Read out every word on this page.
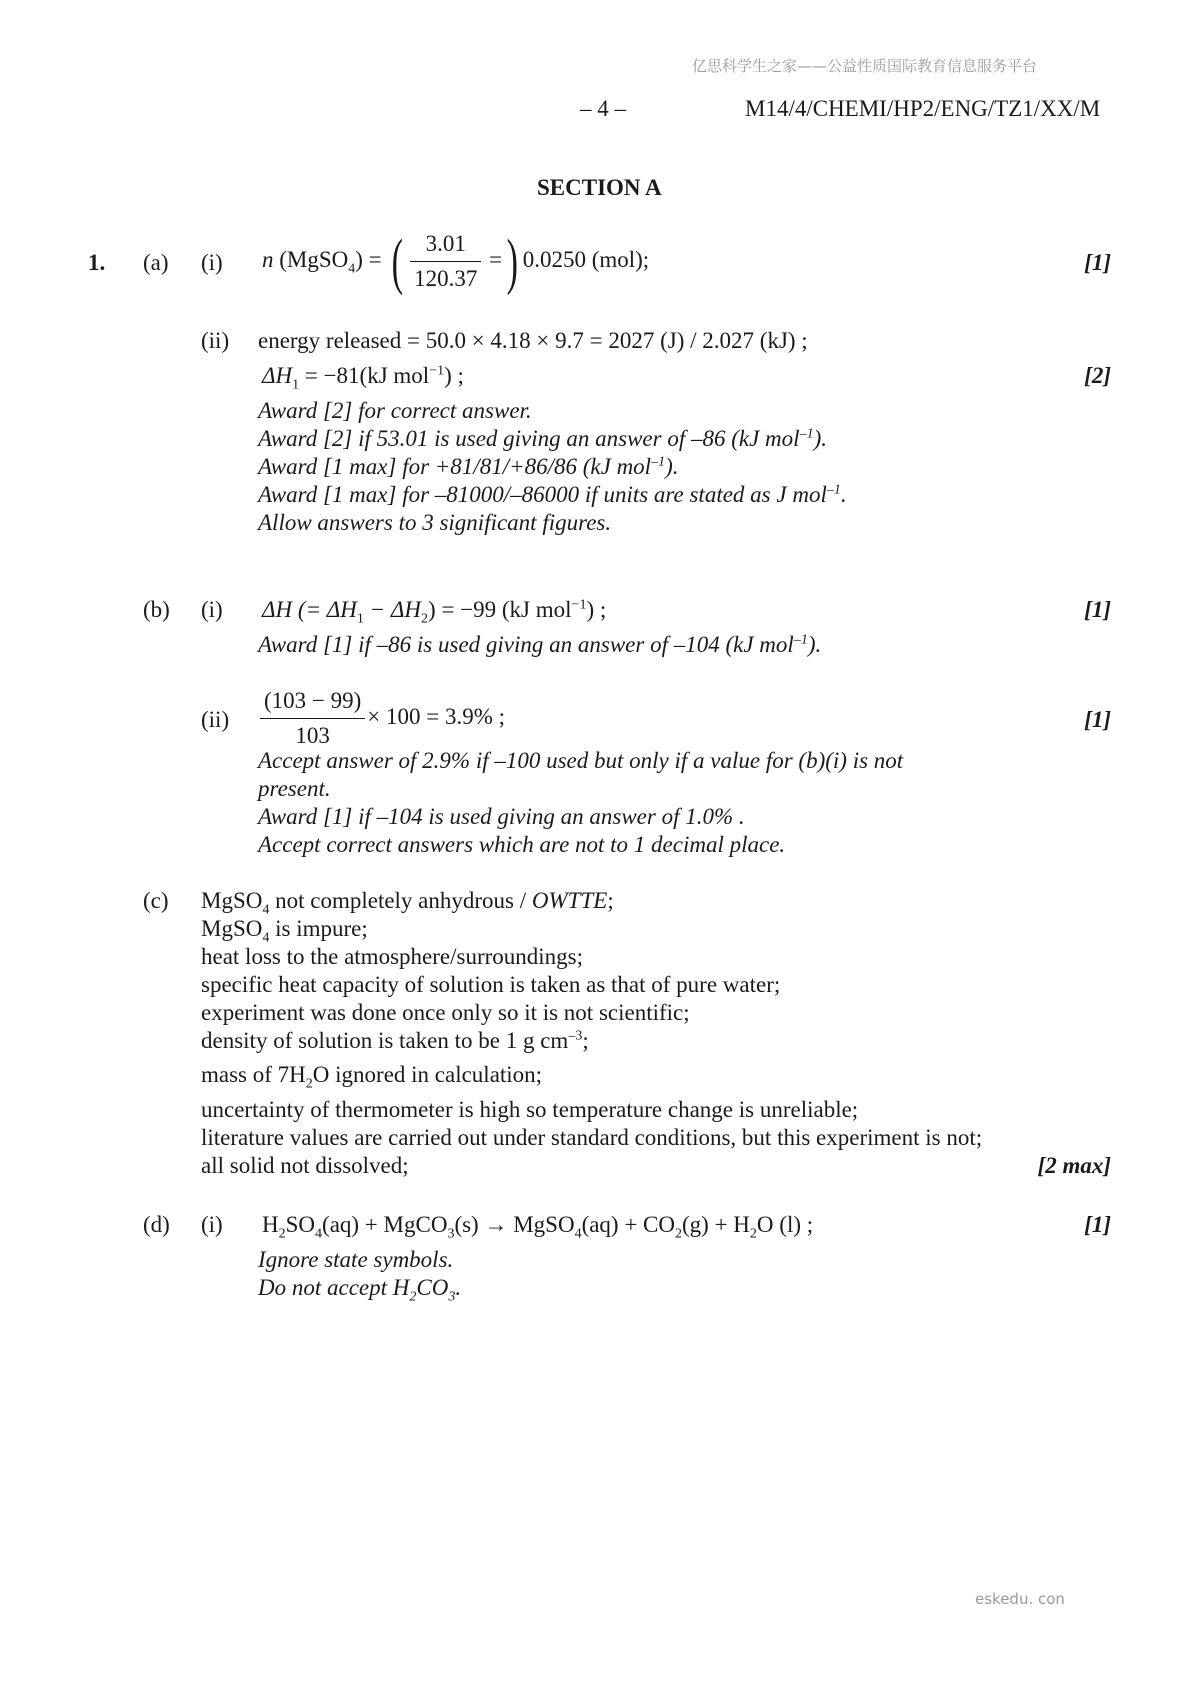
亿思科学生之家——公益性质国际教育信息服务平台
– 4 –	M14/4/CHEMI/HP2/ENG/TZ1/XX/M
SECTION A
1. (a) (i) n (MgSO$_4$) = ( $\frac{3.01}{120.37}$ =) 0.0250 (mol);	[1]
(ii) energy released = 50.0 × 4.18 × 9.7 = 2027 (J) / 2.027 (kJ) ;
$\Delta H_1 = -81(kJ$ mol$^{-1}$) ;	[2]
Award [2] for correct answer.
Award [2] if 53.01 is used giving an answer of –86 (kJ mol$^{-1}$).
Award [1 max] for +81/81/+86/86 (kJ mol$^{-1}$).
Award [1 max] for –81000/–86000 if units are stated as J mol$^{-1}$.
Allow answers to 3 significant figures.
(b) (i) ΔH (= $\Delta H_1 - \Delta H_2) = -99$ (kJ mol$^{-1}$) ;	[1]
Award [1] if –86 is used giving an answer of –104 (kJ mol$^{-1}$).
$(ii) \frac{(103 - 99)}{103} \times 100 = 3.9\%$ ;	[1]
Accept answer of 2.9% if –100 used but only if a value for (b)(i) is not
present.
Award [1] if –104 is used giving an answer of 1.0% .
Accept correct answers which are not to 1 decimal place.
(c) MgSO$_4$ not completely anhydrous / OWTTE;
MgSO$_4$ is impure;
heat loss to the atmosphere/surroundings;
specific heat capacity of solution is taken as that of pure water;
experiment was done once only so it is not scientific;
density of solution is taken to be 1 g $cm^{-3}$;
mass of $7H_2O$ ignored in calculation;
uncertainty of thermometer is high so temperature change is unreliable;
literature values are carried out under standard conditions, but this experiment is not;
all solid not dissolved;	[2 max]
(d) (i) $H_2SO_4(aq)$ + MgCO$_3$(s) → MgSO$_4$(aq) + $CO_2(g) + H_2O$ (l) ;	[1]
Ignore state symbols.
Do not accept $H_2CO_3$.
eskedu. con
